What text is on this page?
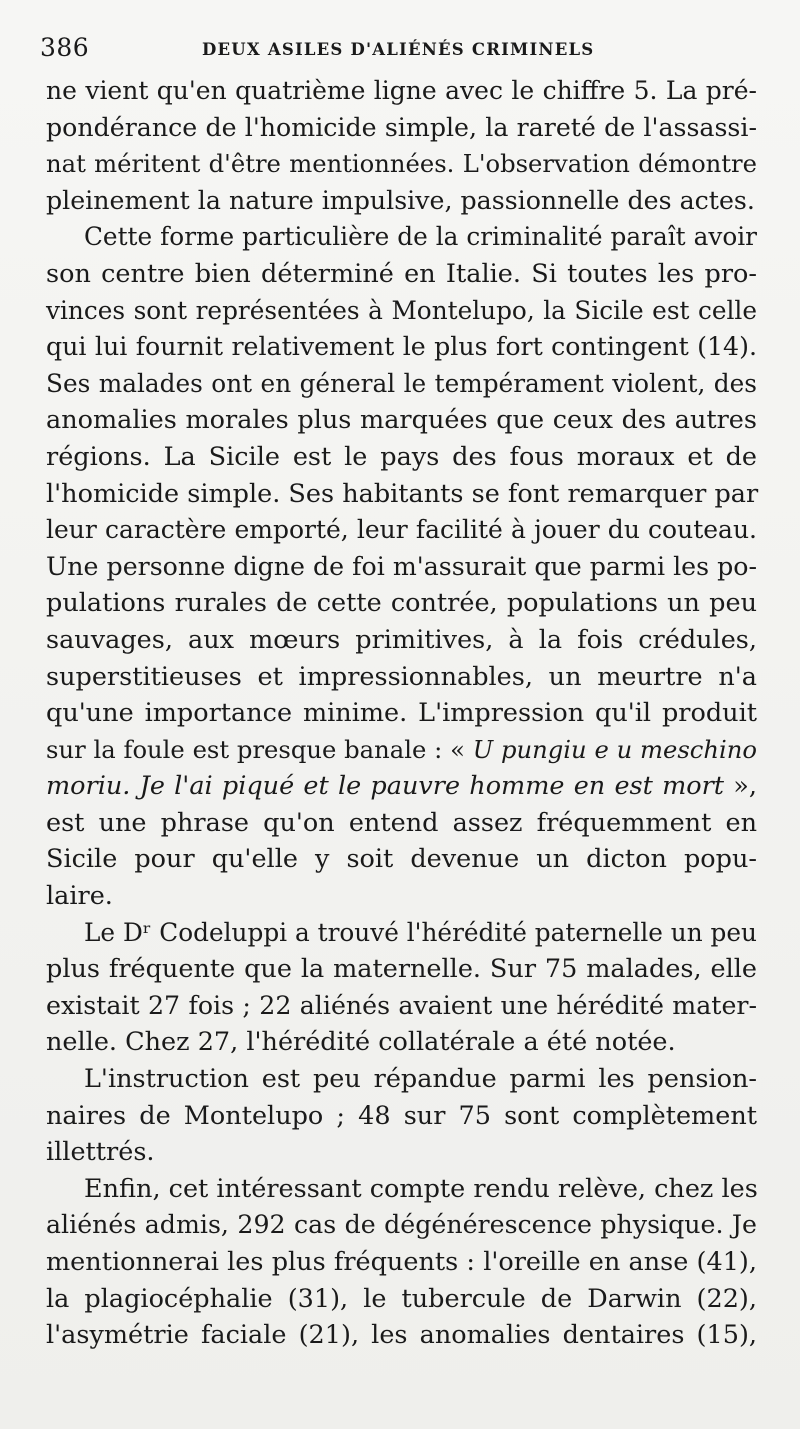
386	DEUX ASILES D'ALIÉNÉS CRIMINELS
ne vient qu'en quatrième ligne avec le chiffre 5. La pré-
pondérance de l'homicide simple, la rareté de l'assassi-
nat méritent d'être mentionnées. L'observation démontre
pleinement la nature impulsive, passionnelle des actes.
Cette forme particulière de la criminalité paraît avoir
son centre bien déterminé en Italie. Si toutes les pro-
vinces sont représentées à Montelupo, la Sicile est celle
qui lui fournit relativement le plus fort contingent (14).
Ses malades ont en géneral le tempérament violent, des
anomalies morales plus marquées que ceux des autres
régions. La Sicile est le pays des fous moraux et de
l'homicide simple. Ses habitants se font remarquer par
leur caractère emporté, leur facilité à jouer du couteau.
Une personne digne de foi m'assurait que parmi les po-
pulations rurales de cette contrée, populations un peu
sauvages, aux mœurs primitives, à la fois crédules,
superstitieuses et impressionnables, un meurtre n'a
qu'une importance minime. L'impression qu'il produit
sur la foule est presque banale : « U pungiu e u meschino
moriu. Je l'ai piqué et le pauvre homme en est mort »,
est une phrase qu'on entend assez fréquemment en
Sicile pour qu'elle y soit devenue un dicton popu-
laire.
Le Dʳ Codeluppi a trouvé l'hérédité paternelle un peu
plus fréquente que la maternelle. Sur 75 malades, elle
existait 27 fois ; 22 aliénés avaient une hérédité mater-
nelle. Chez 27, l'hérédité collatérale a été notée.
L'instruction est peu répandue parmi les pension-
naires de Montelupo ; 48 sur 75 sont complètement
illettrés.
Enfin, cet intéressant compte rendu relève, chez les
aliénés admis, 292 cas de dégénérescence physique. Je
mentionnerai les plus fréquents : l'oreille en anse (41),
la plagiocéphalie (31), le tubercule de Darwin (22),
l'asymétrie faciale (21), les anomalies dentaires (15),
